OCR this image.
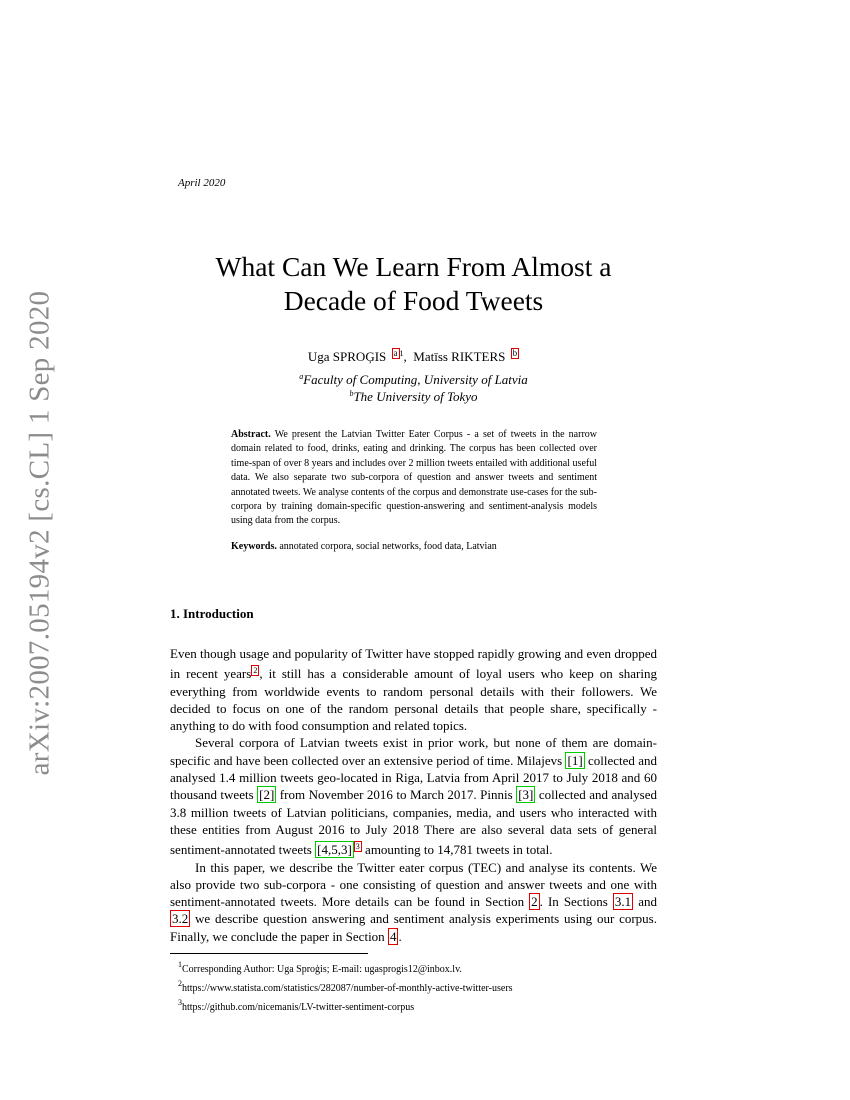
arXiv:2007.05194v2 [cs.CL] 1 Sep 2020
April 2020
What Can We Learn From Almost a
Decade of Food Tweets
Uga SPROĢIS a $^1$, Matīss RIKTERS b
$^a$Faculty of Computing, University of Latvia
$^b$The University of Tokyo

Abstract. We present the Latvian Twitter Eater Corpus - a set of tweets in the narrow domain related to food, drinks, eating and drinking. The corpus has been collected over time-span of over 8 years and includes over 2 million tweets entailed with additional useful data. We also separate two sub-corpora of question and answer tweets and sentiment annotated tweets. We analyse contents of the corpus and demonstrate use-cases for the sub-corpora by training domain-specific question-answering and sentiment-analysis models using data from the corpus.

Keywords. annotated corpora, social networks, food data, Latvian
1. Introduction

Even though usage and popularity of Twitter have stopped rapidly growing and even dropped in recent years $^2$ , it still has a considerable amount of loyal users who keep on sharing everything from worldwide events to random personal details with their followers. We decided to focus on one of the random personal details that people share, specifically - anything to do with food consumption and related topics.

Several corpora of Latvian tweets exist in prior work, but none of them are domain-specific and have been collected over an extensive period of time. Milajevs [1] collected and analysed 1.4 million tweets geo-located in Riga, Latvia from April 2017 to July 2018 and 60 thousand tweets [2] from November 2016 to March 2017. Pinnis [3] collected and analysed 3.8 million tweets of Latvian politicians, companies, media, and users who interacted with these entities from August 2016 to July 2018 There are also several data sets of general sentiment-annotated tweets [4,5,3] $^3$ amounting to 14,781 tweets in total.

In this paper, we describe the Twitter eater corpus (TEC) and analyse its contents. We also provide two sub-corpora - one consisting of question and answer tweets and one with sentiment-annotated tweets. More details can be found in Section 2 . In Sections 3.1 and 3.2 we describe question answering and sentiment analysis experiments using our corpus. Finally, we conclude the paper in Section 4 .

$^1$Corresponding Author: Uga Sproģis; E-mail: ugasprogis12@inbox.lv.
$^2$https://www.statista.com/statistics/282087/number-of-monthly-active-twitter-users
$^3$https://github.com/nicemanis/LV-twitter-sentiment-corpus
